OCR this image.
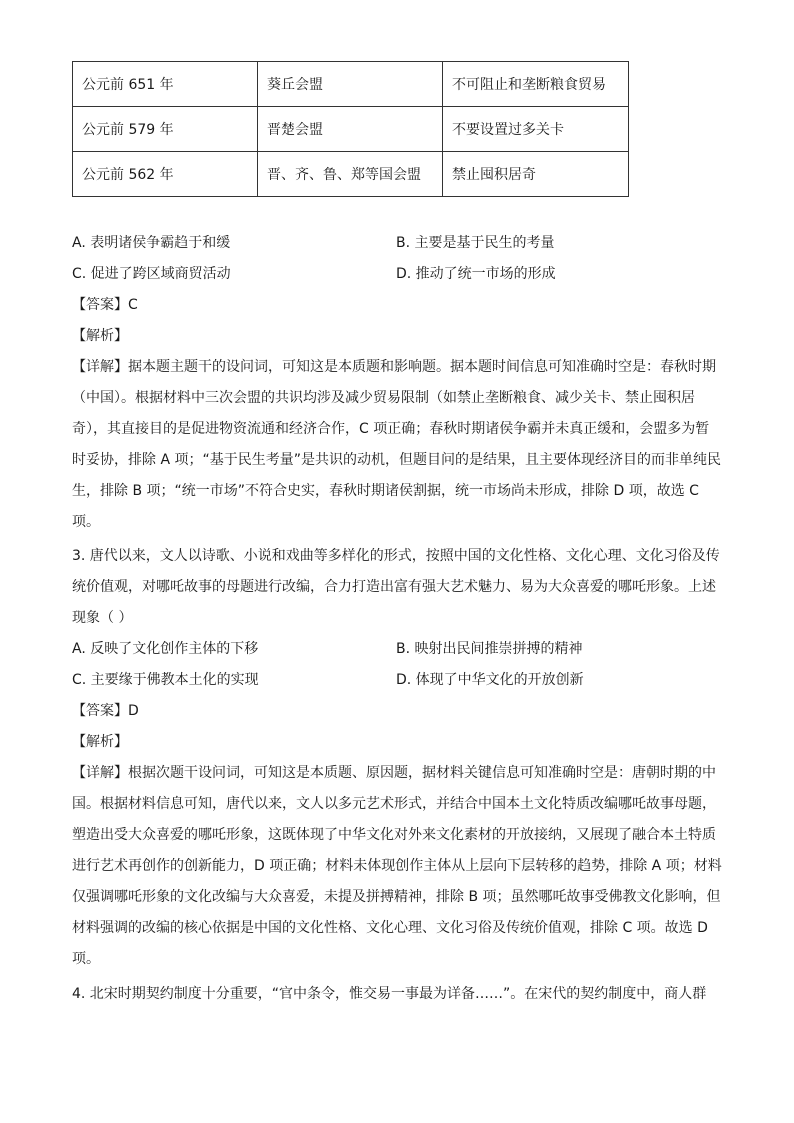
公元前 651 年	葵丘会盟	不可阻止和垄断粮食贸易
公元前 579 年	晋楚会盟	不要设置过多关卡
公元前 562 年	晋、齐、鲁、郑等国会盟	禁止囤积居奇
A. 表明诸侯争霸趋于和缓	B. 主要是基于民生的考量
C. 促进了跨区域商贸活动	D. 推动了统一市场的形成
【答案】C
【解析】
【详解】据本题主题干的设问词，可知这是本质题和影响题。据本题时间信息可知准确时空是：春秋时期
（中国）。根据材料中三次会盟的共识均涉及减少贸易限制（如禁止垄断粮食、减少关卡、禁止囤积居
奇），其直接目的是促进物资流通和经济合作，C 项正确；春秋时期诸侯争霸并未真正缓和，会盟多为暂
时妥协，排除 A 项；“基于民生考量”是共识的动机，但题目问的是结果，且主要体现经济目的而非单纯民
生，排除 B 项；“统一市场”不符合史实，春秋时期诸侯割据，统一市场尚未形成，排除 D 项，故选 C
项。
3. 唐代以来，文人以诗歌、小说和戏曲等多样化的形式，按照中国的文化性格、文化心理、文化习俗及传
统价值观，对哪吒故事的母题进行改编，合力打造出富有强大艺术魅力、易为大众喜爱的哪吒形象。上述
现象（ ）
A. 反映了文化创作主体的下移	B. 映射出民间推崇拼搏的精神
C. 主要缘于佛教本土化的实现	D. 体现了中华文化的开放创新
【答案】D
【解析】
【详解】根据次题干设问词，可知这是本质题、原因题，据材料关键信息可知准确时空是：唐朝时期的中
国。根据材料信息可知，唐代以来，文人以多元艺术形式，并结合中国本土文化特质改编哪吒故事母题，
塑造出受大众喜爱的哪吒形象，这既体现了中华文化对外来文化素材的开放接纳，又展现了融合本土特质
进行艺术再创作的创新能力，D 项正确；材料未体现创作主体从上层向下层转移的趋势，排除 A 项；材料
仅强调哪吒形象的文化改编与大众喜爱，未提及拼搏精神，排除 B 项；虽然哪吒故事受佛教文化影响，但
材料强调的改编的核心依据是中国的文化性格、文化心理、文化习俗及传统价值观，排除 C 项。故选 D
项。
4. 北宋时期契约制度十分重要，“官中条令，惟交易一事最为详备……”。在宋代的契约制度中，商人群
